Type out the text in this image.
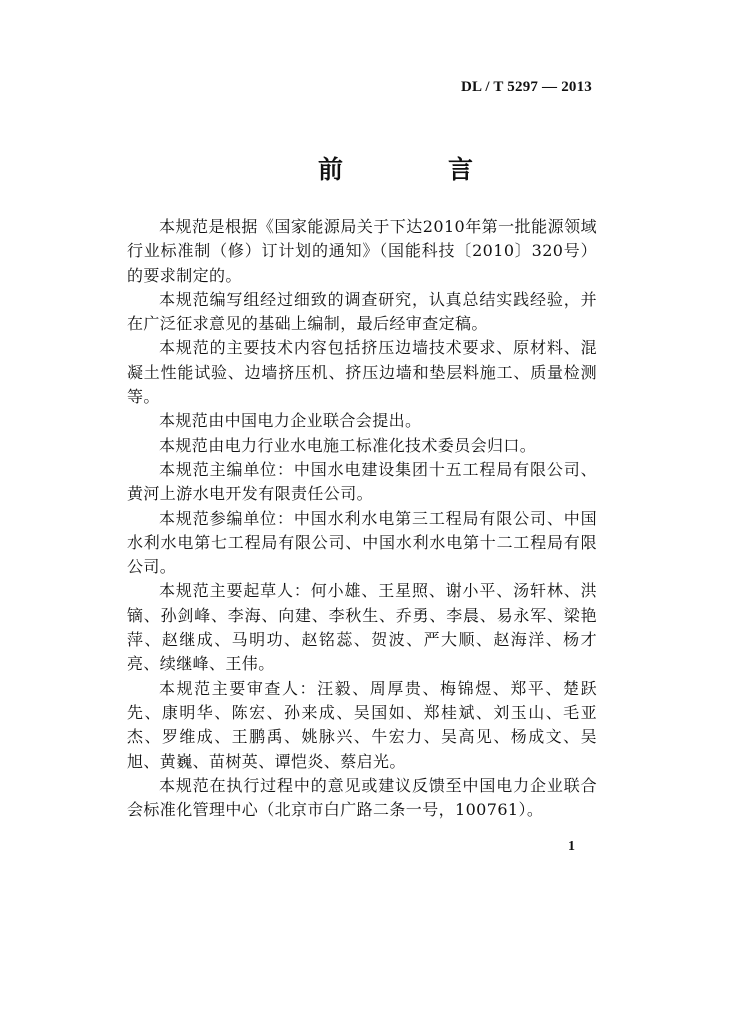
DL / T 5297 — 2013
前　言

本规范是根据《国家能源局关于下达2010年第一批能源领域行业标准制（修）订计划的通知》（国能科技〔2010〕320号）的要求制定的。

本规范编写组经过细致的调查研究，认真总结实践经验，并在广泛征求意见的基础上编制，最后经审查定稿。

本规范的主要技术内容包括挤压边墙技术要求、原材料、混凝土性能试验、边墙挤压机、挤压边墙和垫层料施工、质量检测等。

本规范由中国电力企业联合会提出。

本规范由电力行业水电施工标准化技术委员会归口。

本规范主编单位：中国水电建设集团十五工程局有限公司、黄河上游水电开发有限责任公司。

本规范参编单位：中国水利水电第三工程局有限公司、中国水利水电第七工程局有限公司、中国水利水电第十二工程局有限公司。

本规范主要起草人：何小雄、王星照、谢小平、汤轩林、洪镝、孙剑峰、李海、向建、李秋生、乔勇、李晨、易永军、梁艳萍、赵继成、马明功、赵铭蕊、贺波、严大顺、赵海洋、杨才亮、续继峰、王伟。

本规范主要审查人：汪毅、周厚贵、梅锦煜、郑平、楚跃先、康明华、陈宏、孙来成、吴国如、郑桂斌、刘玉山、毛亚杰、罗维成、王鹏禹、姚脉兴、牛宏力、吴高见、杨成文、吴旭、黄巍、苗树英、谭恺炎、蔡启光。

本规范在执行过程中的意见或建议反馈至中国电力企业联合会标准化管理中心（北京市白广路二条一号，100761）。

1
